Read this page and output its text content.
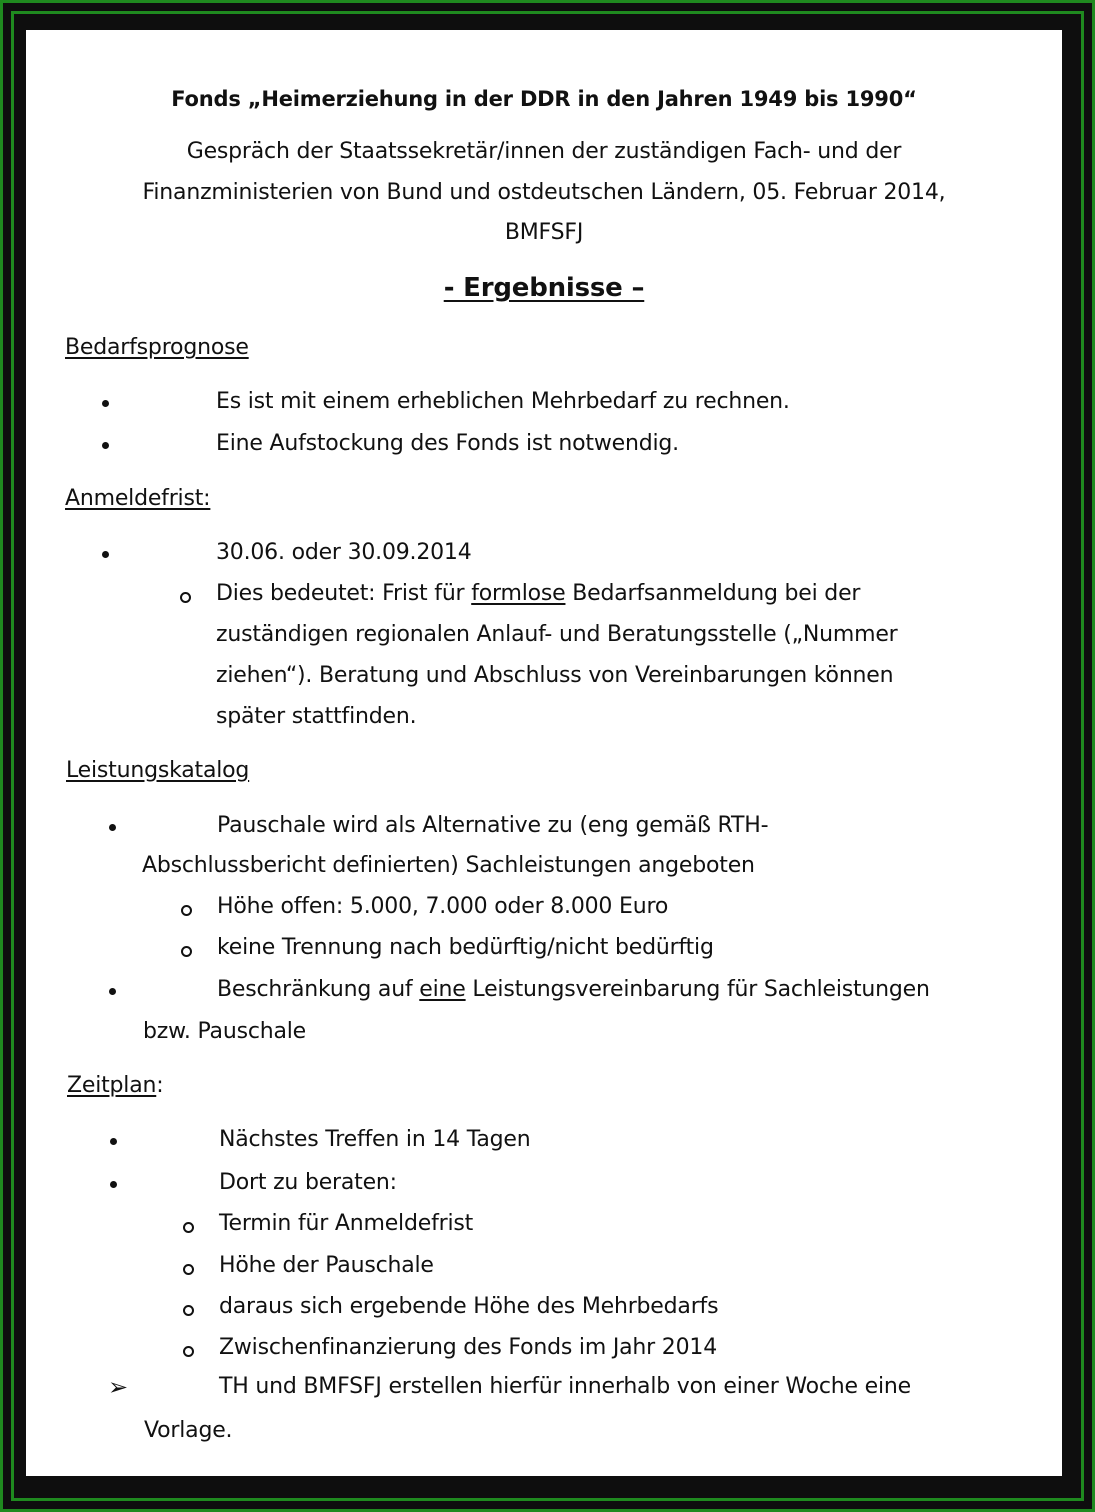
Fonds „Heimerziehung in der DDR in den Jahren 1949 bis 1990“
Gespräch der Staatssekretär/innen der zuständigen Fach- und der
Finanzministerien von Bund und ostdeutschen Ländern, 05. Februar 2014,
BMFSFJ
- Ergebnisse –
Bedarfsprognose
Es ist mit einem erheblichen Mehrbedarf zu rechnen.
Eine Aufstockung des Fonds ist notwendig.
Anmeldefrist:
30.06. oder 30.09.2014
Dies bedeutet: Frist für formlose Bedarfsanmeldung bei der
zuständigen regionalen Anlauf- und Beratungsstelle („Nummer
ziehen“). Beratung und Abschluss von Vereinbarungen können
später stattfinden.
Leistungskatalog
Pauschale wird als Alternative zu (eng gemäß RTH-
Abschlussbericht definierten) Sachleistungen angeboten
Höhe offen: 5.000, 7.000 oder 8.000 Euro
keine Trennung nach bedürftig/nicht bedürftig
Beschränkung auf eine Leistungsvereinbarung für Sachleistungen
bzw. Pauschale
Zeitplan:
Nächstes Treffen in 14 Tagen
Dort zu beraten:
Termin für Anmeldefrist
Höhe der Pauschale
daraus sich ergebende Höhe des Mehrbedarfs
Zwischenfinanzierung des Fonds im Jahr 2014
➢	TH und BMFSFJ erstellen hierfür innerhalb von einer Woche eine
Vorlage.
